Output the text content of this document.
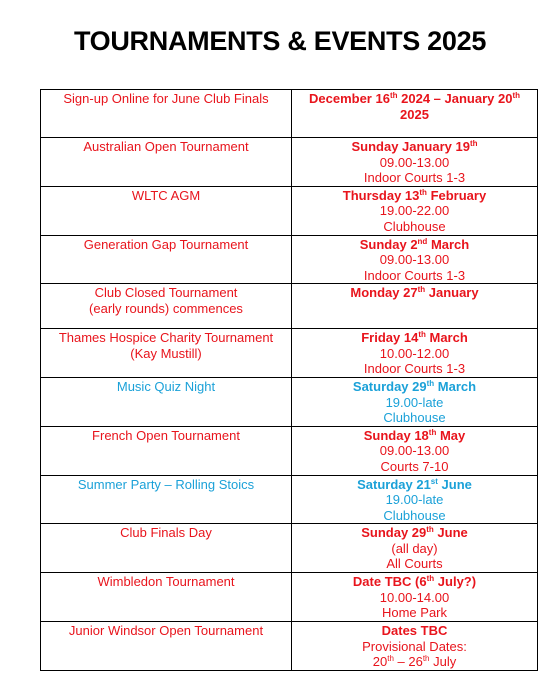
TOURNAMENTS & EVENTS 2025
Sign-up Online for June Club Finals	December 16th 2024 – January 20th 2025

Australian Open Tournament	Sunday January 19th
09.00-13.00
Indoor Courts 1-3

WLTC AGM	Thursday 13th February
19.00-22.00
Clubhouse

Generation Gap Tournament	Sunday 2nd March
09.00-13.00
Indoor Courts 1-3

Club Closed Tournament
(early rounds) commences	Monday 27th January

Thames Hospice Charity Tournament
(Kay Mustill)	Friday 14th March
10.00-12.00
Indoor Courts 1-3

Music Quiz Night	Saturday 29th March
19.00-late
Clubhouse

French Open Tournament	Sunday 18th May
09.00-13.00
Courts 7-10

Summer Party – Rolling Stoics	Saturday 21st June
19.00-late
Clubhouse

Club Finals Day	Sunday 29th June
(all day)
All Courts

Wimbledon Tournament	Date TBC (6th July?)
10.00-14.00
Home Park

Junior Windsor Open Tournament	Dates TBC
Provisional Dates:
20th – 26th July
